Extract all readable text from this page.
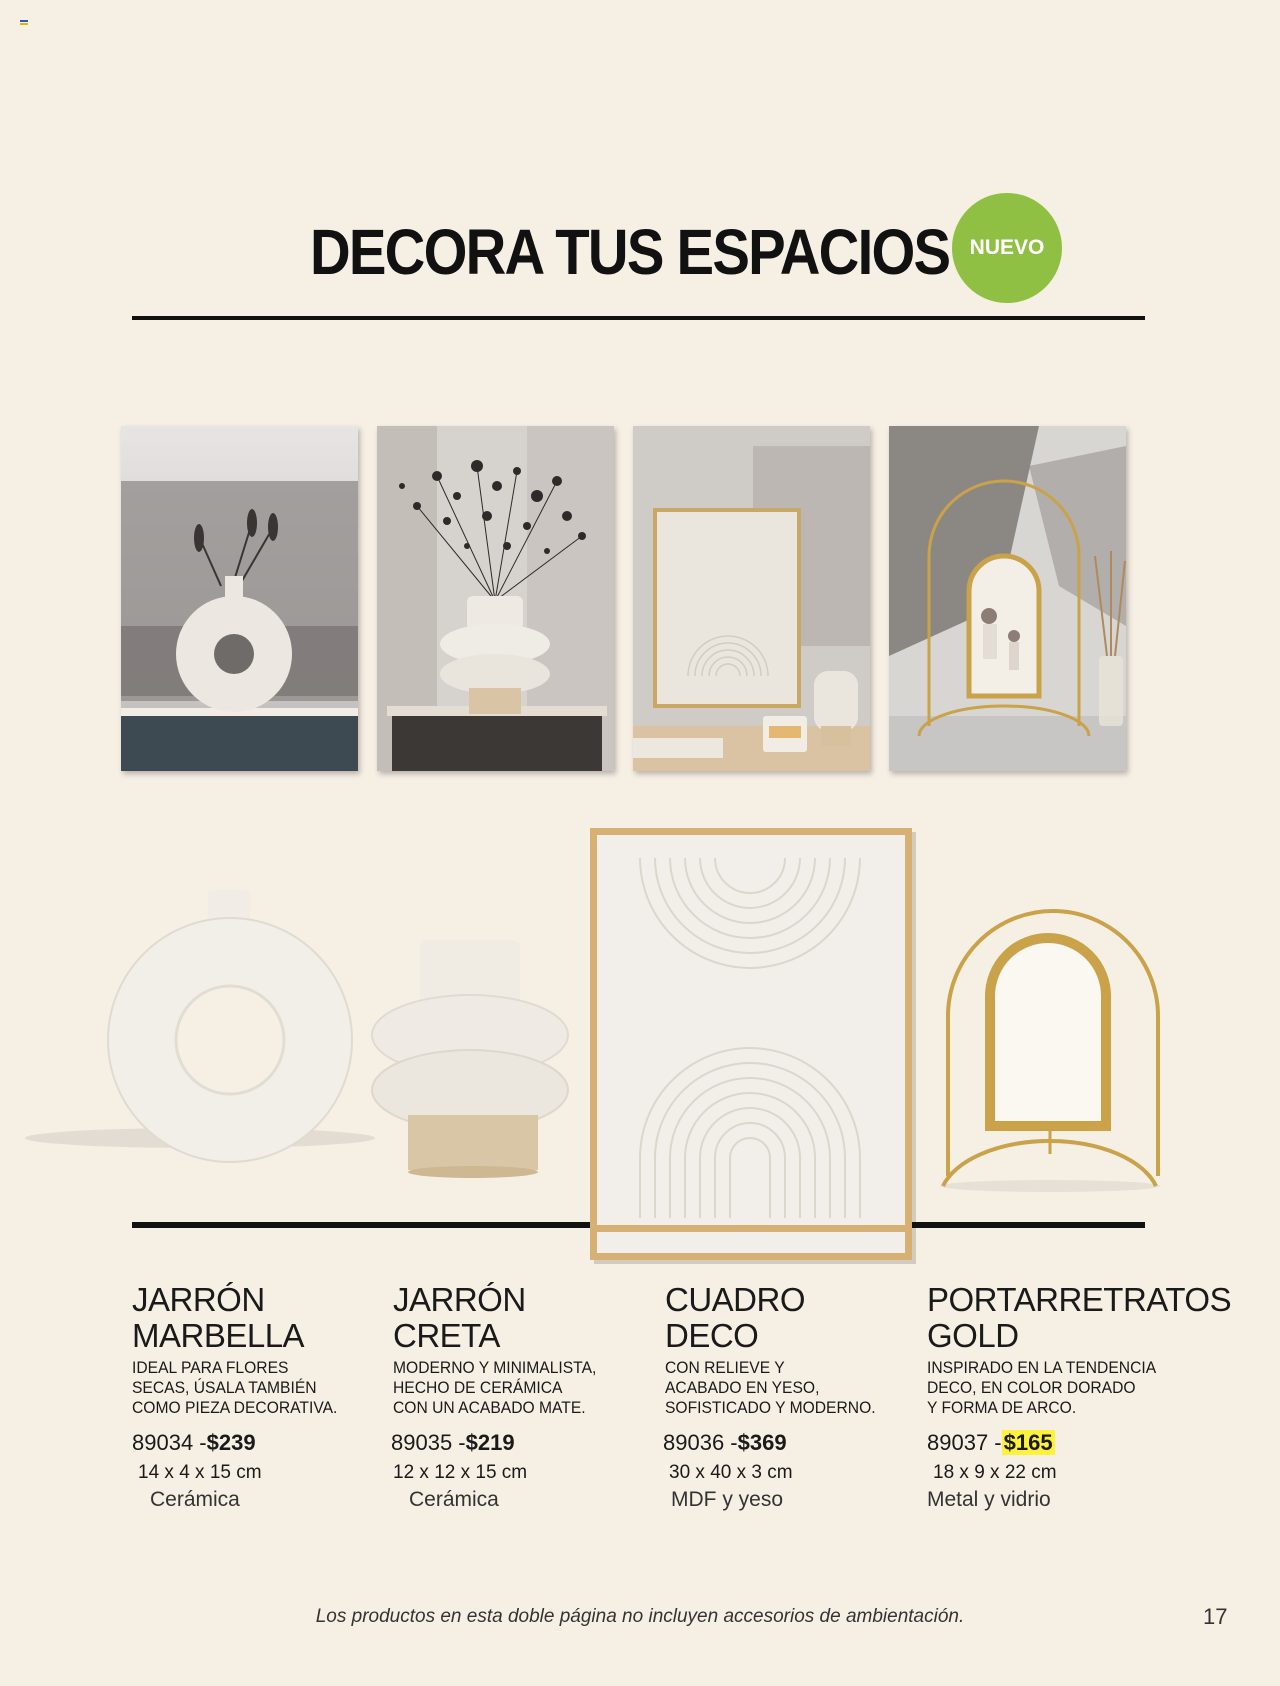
DECORA TUS ESPACIOS NUEVO
JARRÓN
MARBELLA
IDEAL PARA FLORES
SECAS, ÚSALA TAMBIÉN
COMO PIEZA DECORATIVA.
89034 -$239
14 x 4 x 15 cm
Cerámica
JARRÓN
CRETA
MODERNO Y MINIMALISTA,
HECHO DE CERÁMICA
CON UN ACABADO MATE.
89035 -$219
12 x 12 x 15 cm
Cerámica
CUADRO
DECO
CON RELIEVE Y
ACABADO EN YESO,
SOFISTICADO Y MODERNO.
89036 -$369
30 x 40 x 3 cm
MDF y yeso
PORTARRETRATOS
GOLD
INSPIRADO EN LA TENDENCIA
DECO, EN COLOR DORADO
Y FORMA DE ARCO.
89037 -$165
18 x 9 x 22 cm
Metal y vidrio
Los productos en esta doble página no incluyen accesorios de ambientación.	17
